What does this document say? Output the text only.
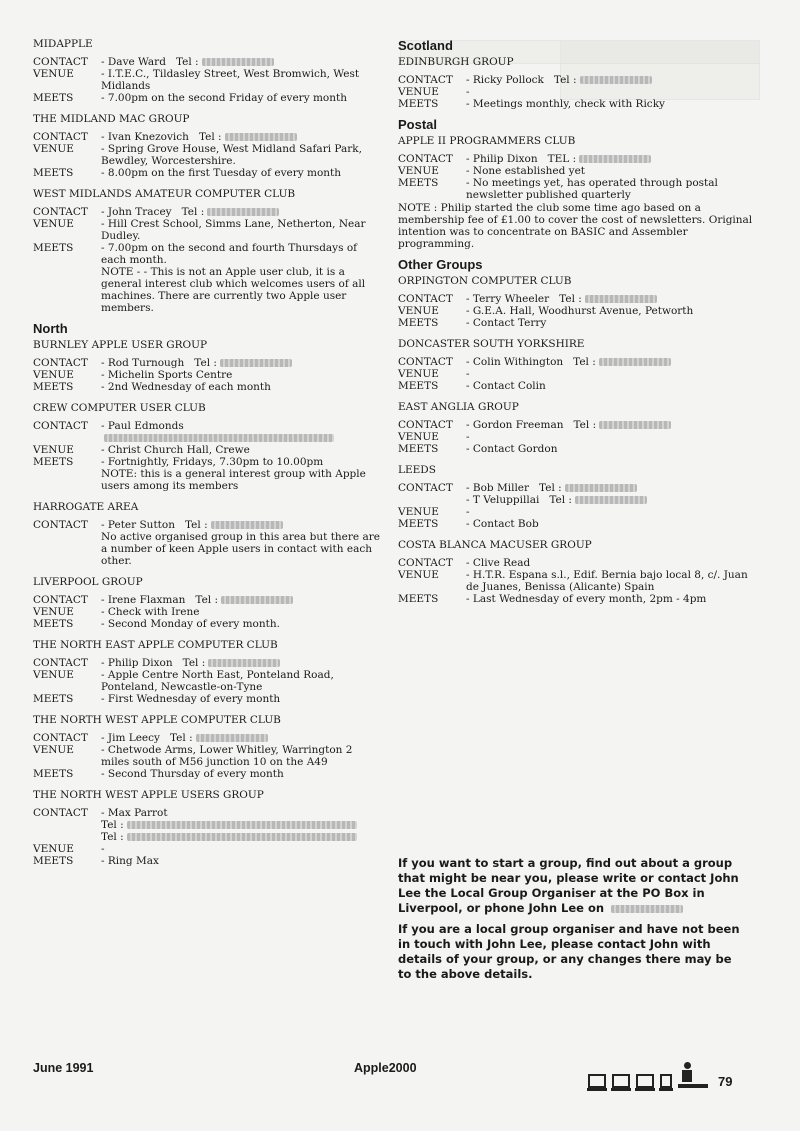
MIDAPPLE
CONTACT	- Dave Ward Tel :
VENUE	- I.T.E.C., Tildasley Street, West Bromwich, West Midlands
MEETS	- 7.00pm on the second Friday of every month
THE MIDLAND MAC GROUP
CONTACT	- Ivan Knezovich Tel :
VENUE	- Spring Grove House, West Midland Safari Park, Bewdley, Worcestershire.
MEETS	- 8.00pm on the first Tuesday of every month
WEST MIDLANDS AMATEUR COMPUTER CLUB
CONTACT	- John Tracey Tel :
VENUE	- Hill Crest School, Simms Lane, Netherton, Near Dudley.
MEETS	- 7.00pm on the second and fourth Thursdays of each month.
NOTE - - This is not an Apple user club, it is a general interest club which welcomes users of all machines. There are currently two Apple user members.
North
BURNLEY APPLE USER GROUP
CONTACT	- Rod Turnough Tel :
VENUE	- Michelin Sports Centre
MEETS	- 2nd Wednesday of each month
CREW COMPUTER USER CLUB
CONTACT	- Paul Edmonds
VENUE	- Christ Church Hall, Crewe
MEETS	- Fortnightly, Fridays, 7.30pm to 10.00pm
NOTE: this is a general interest group with Apple users among its members
HARROGATE AREA
CONTACT	- Peter Sutton Tel :
No active organised group in this area but there are a number of keen Apple users in contact with each other.
LIVERPOOL GROUP
CONTACT	- Irene Flaxman Tel :
VENUE	- Check with Irene
MEETS	- Second Monday of every month.
THE NORTH EAST APPLE COMPUTER CLUB
CONTACT	- Philip Dixon Tel :
VENUE	- Apple Centre North East, Ponteland Road, Ponteland, Newcastle-on-Tyne
MEETS	- First Wednesday of every month
THE NORTH WEST APPLE COMPUTER CLUB
CONTACT	- Jim Leecy Tel :
VENUE	- Chetwode Arms, Lower Whitley, Warrington 2 miles south of M56 junction 10 on the A49
MEETS	- Second Thursday of every month
THE NORTH WEST APPLE USERS GROUP
CONTACT	- Max Parrot
Tel :
Tel :
VENUE	-
MEETS	- Ring Max
Scotland
EDINBURGH GROUP
CONTACT	- Ricky Pollock Tel :
VENUE	-
MEETS	- Meetings monthly, check with Ricky
Postal
APPLE II PROGRAMMERS CLUB
CONTACT	- Philip Dixon TEL :
VENUE	- None established yet
MEETS	- No meetings yet, has operated through postal newsletter published quarterly
NOTE : Philip started the club some time ago based on a membership fee of £1.00 to cover the cost of newsletters. Original intention was to concentrate on BASIC and Assembler programming.
Other Groups
ORPINGTON COMPUTER CLUB
CONTACT	- Terry Wheeler Tel :
VENUE	- G.E.A. Hall, Woodhurst Avenue, Petworth
MEETS	- Contact Terry
DONCASTER SOUTH YORKSHIRE
CONTACT	- Colin Withington Tel :
VENUE	-
MEETS	- Contact Colin
EAST ANGLIA GROUP
CONTACT	- Gordon Freeman Tel :
VENUE	-
MEETS	- Contact Gordon
LEEDS
CONTACT	- Bob Miller Tel :
- T Veluppillai Tel :
VENUE	-
MEETS	- Contact Bob
COSTA BLANCA MACUSER GROUP
CONTACT	- Clive Read
VENUE	- H.T.R. Espana s.l., Edif. Bernia bajo local 8, c/. Juan de Juanes, Benissa (Alicante) Spain
MEETS	- Last Wednesday of every month, 2pm - 4pm

If you want to start a group, find out about a group that might be near you, please write or contact John Lee the Local Group Organiser at the PO Box in Liverpool, or phone John Lee on

If you are a local group organiser and have not been in touch with John Lee, please contact John with details of your group, or any changes there may be to the above details.

June 1991	Apple2000
79
